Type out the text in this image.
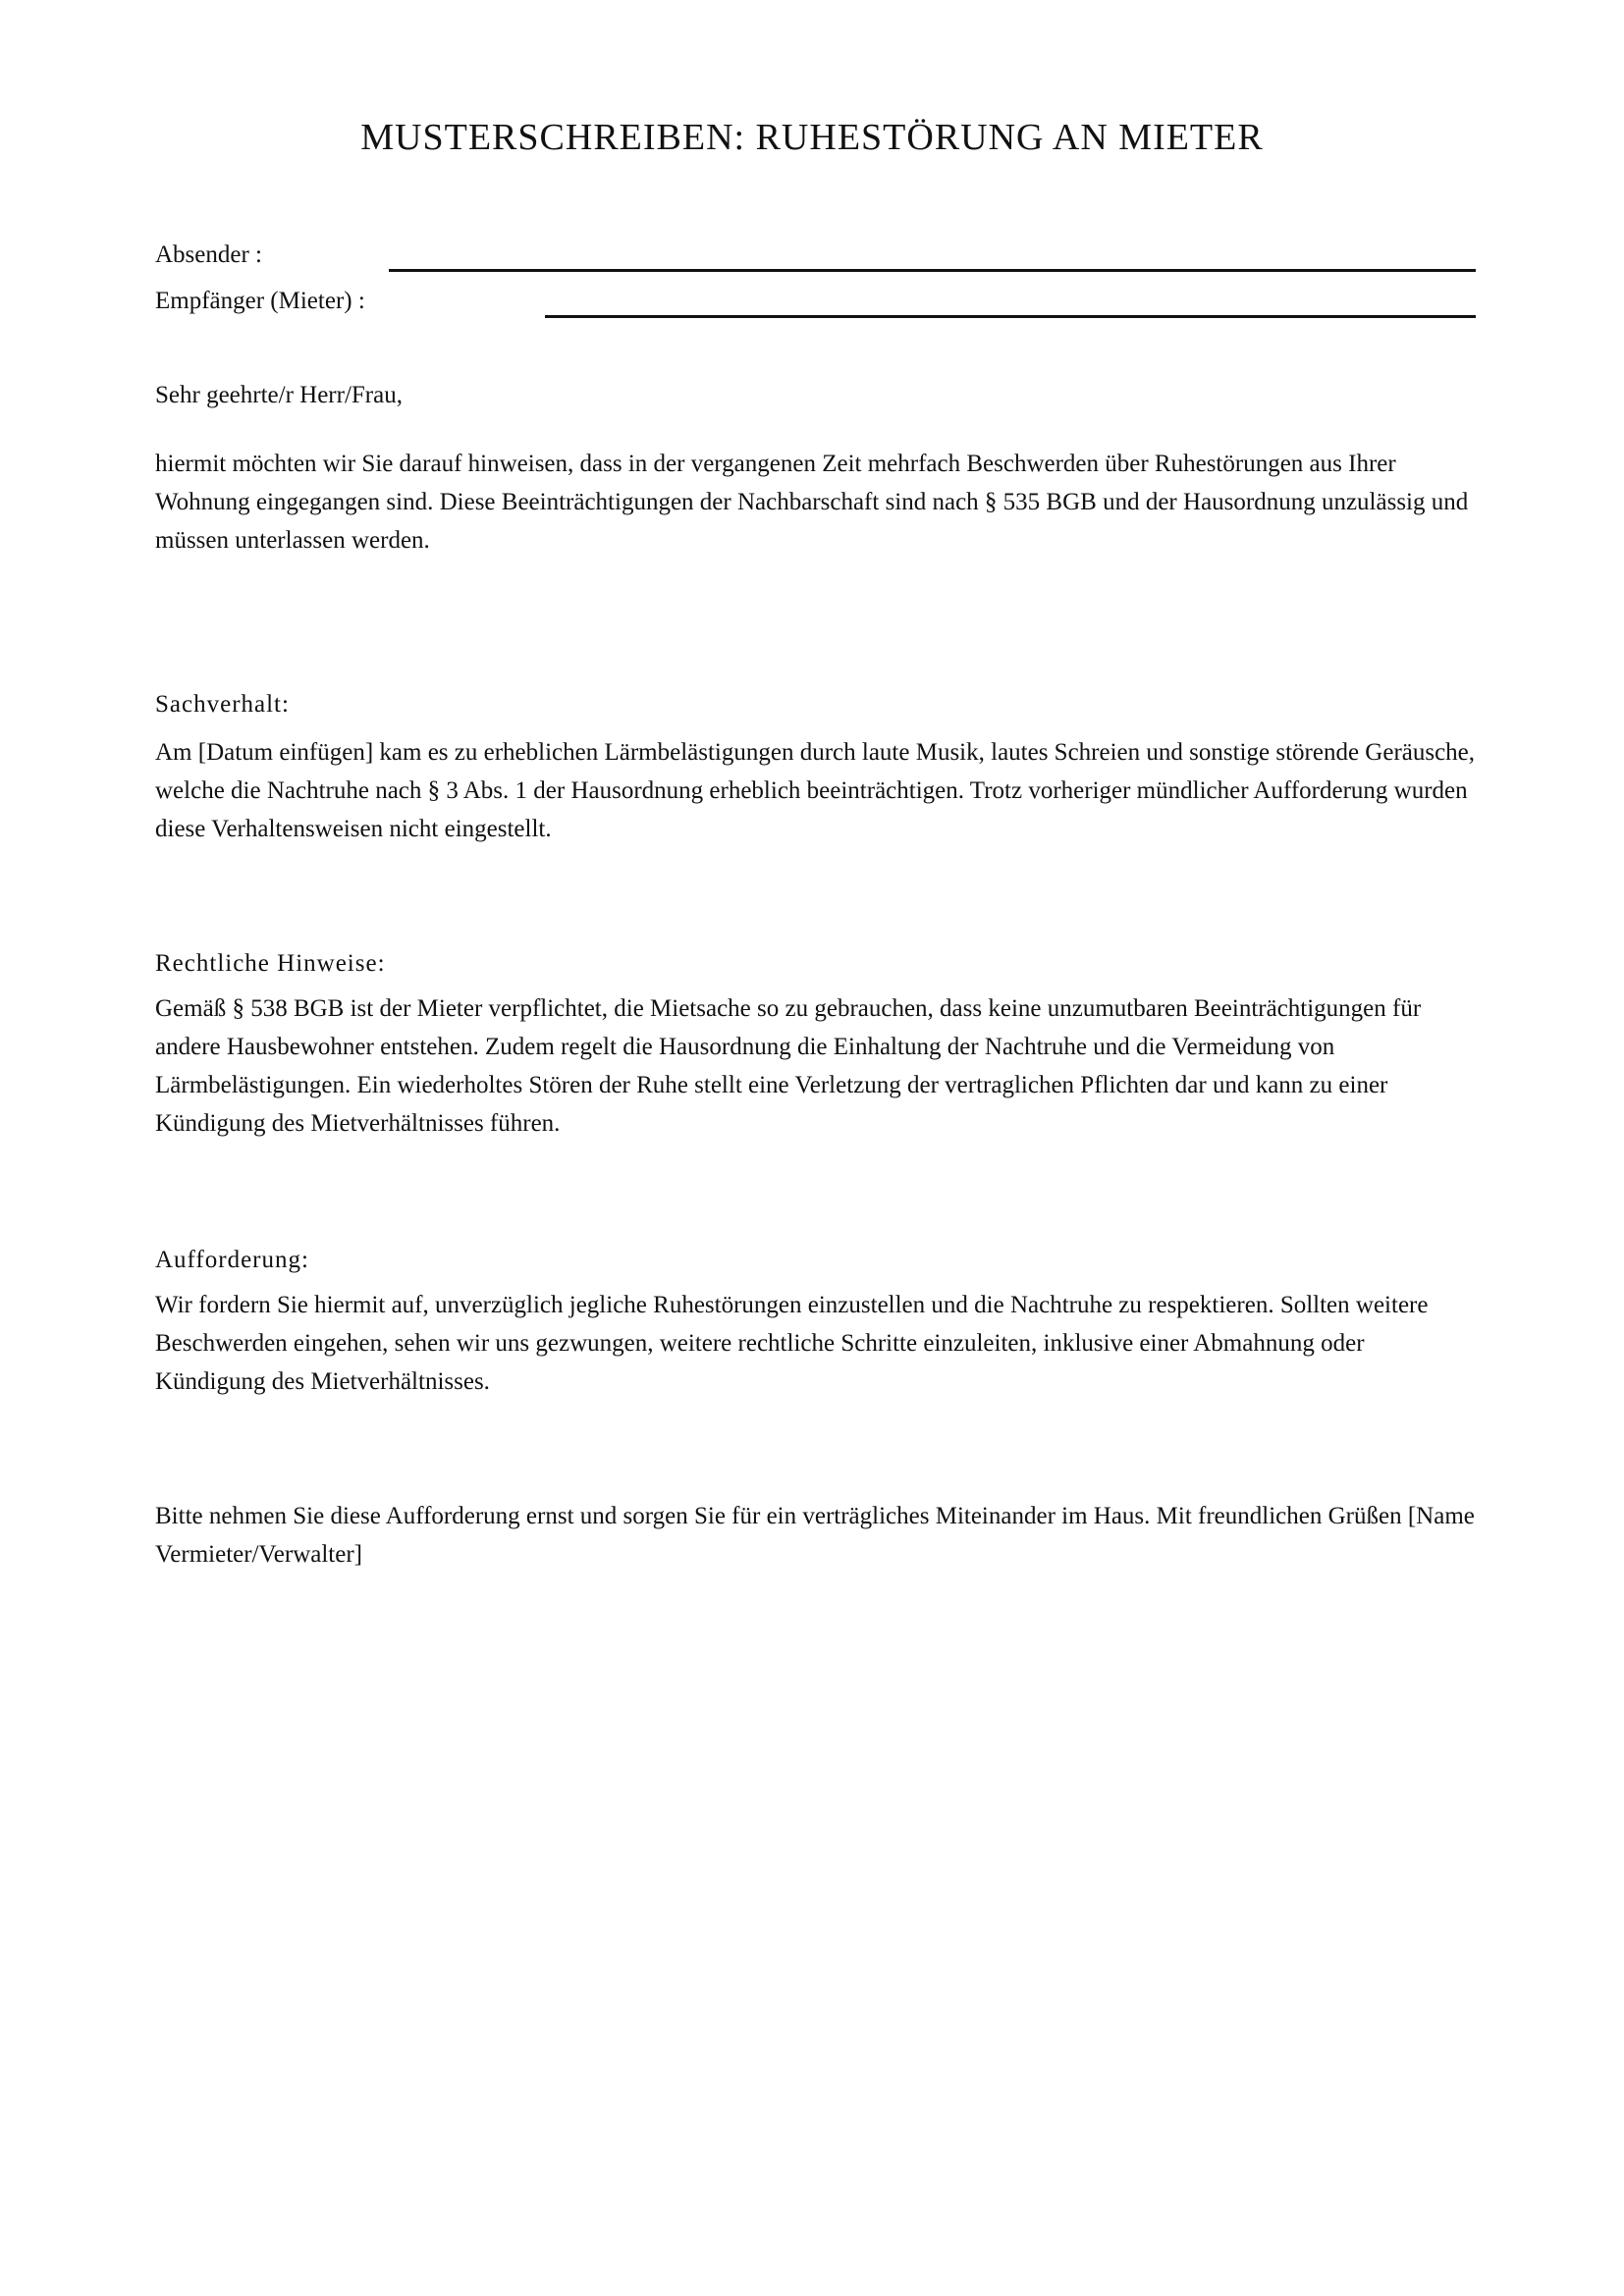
MUSTERSCHREIBEN: RUHESTÖRUNG AN MIETER
Absender :
Empfänger (Mieter) :

Sehr geehrte/r Herr/Frau,

hiermit möchten wir Sie darauf hinweisen, dass in der vergangenen Zeit mehrfach Beschwerden über Ruhestörungen aus Ihrer Wohnung eingegangen sind. Diese Beeinträchtigungen der Nachbarschaft sind nach § 535 BGB und der Hausordnung unzulässig und müssen unterlassen werden.

Sachverhalt:

Am [Datum einfügen] kam es zu erheblichen Lärmbelästigungen durch laute Musik, lautes Schreien und sonstige störende Geräusche, welche die Nachtruhe nach § 3 Abs. 1 der Hausordnung erheblich beeinträchtigen. Trotz vorheriger mündlicher Aufforderung wurden diese Verhaltensweisen nicht eingestellt.

Rechtliche Hinweise:

Gemäß § 538 BGB ist der Mieter verpflichtet, die Mietsache so zu gebrauchen, dass keine unzumutbaren Beeinträchtigungen für andere Hausbewohner entstehen. Zudem regelt die Hausordnung die Einhaltung der Nachtruhe und die Vermeidung von Lärmbelästigungen. Ein wiederholtes Stören der Ruhe stellt eine Verletzung der vertraglichen Pflichten dar und kann zu einer Kündigung des Mietverhältnisses führen.

Aufforderung:

Wir fordern Sie hiermit auf, unverzüglich jegliche Ruhestörungen einzustellen und die Nachtruhe zu respektieren. Sollten weitere Beschwerden eingehen, sehen wir uns gezwungen, weitere rechtliche Schritte einzuleiten, inklusive einer Abmahnung oder Kündigung des Mietverhältnisses.

Bitte nehmen Sie diese Aufforderung ernst und sorgen Sie für ein verträgliches Miteinander im Haus. Mit freundlichen Grüßen [Name Vermieter/Verwalter]
